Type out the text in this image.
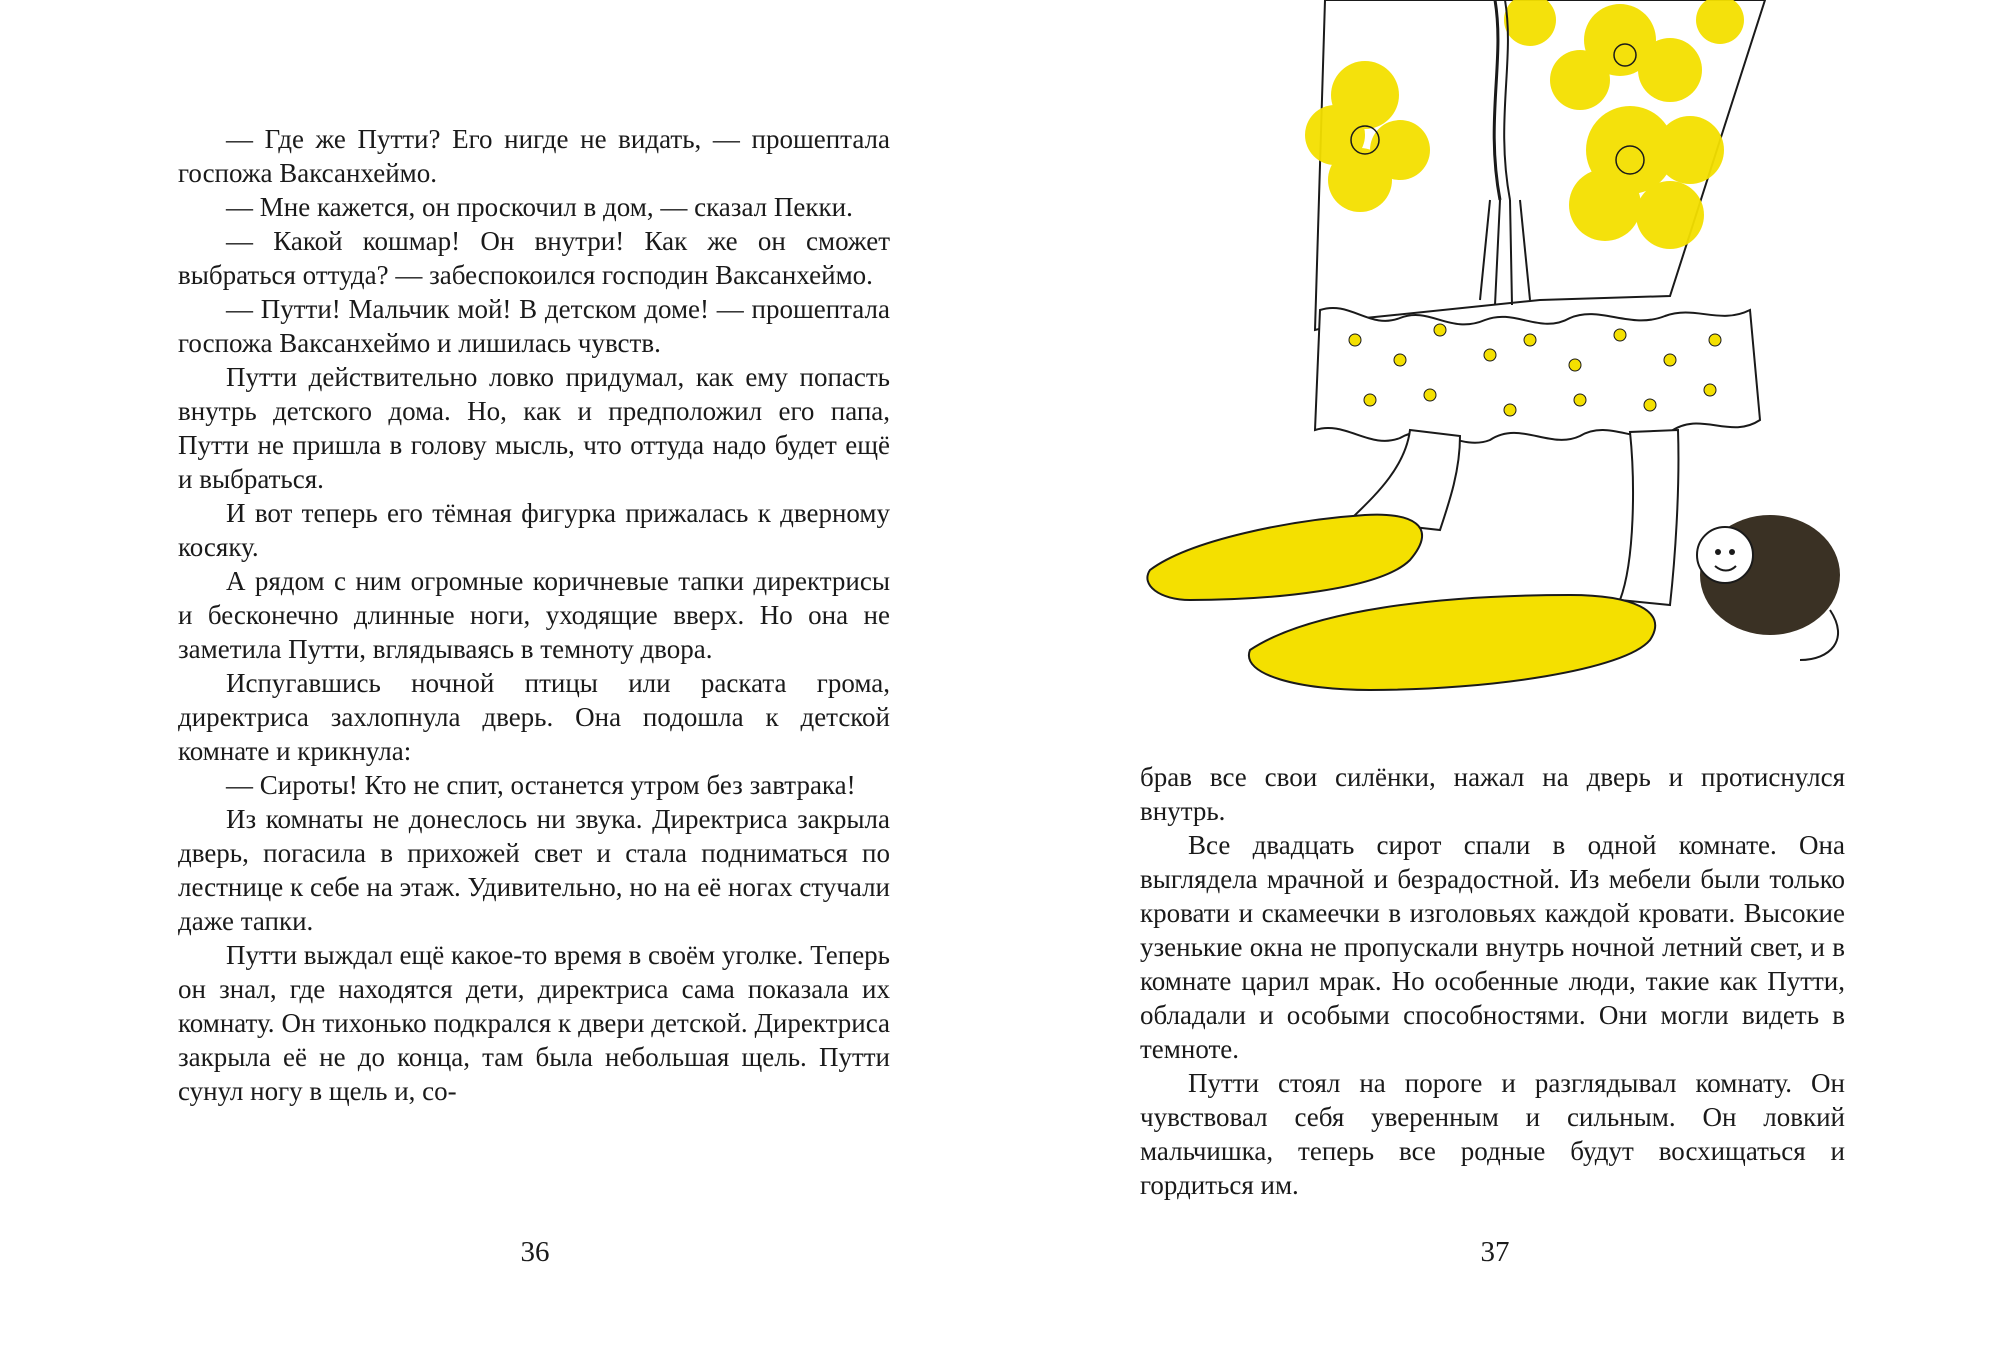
— Где же Путти? Его нигде не видать, — прошептала госпожа Ваксанхеймо.

— Мне кажется, он проскочил в дом, — сказал Пекки.

— Какой кошмар! Он внутри! Как же он сможет выбраться оттуда? — забеспокоился господин Ваксанхеймо.

— Путти! Мальчик мой! В детском доме! — прошептала госпожа Ваксанхеймо и лишилась чувств.

Путти действительно ловко придумал, как ему попасть внутрь детского дома. Но, как и предположил его папа, Путти не пришла в голову мысль, что оттуда надо будет ещё и выбраться.

И вот теперь его тёмная фигурка прижалась к дверному косяку.

А рядом с ним огромные коричневые тапки директрисы и бесконечно длинные ноги, уходящие вверх. Но она не заметила Путти, вглядываясь в темноту двора.

Испугавшись ночной птицы или раската грома, директриса захлопнула дверь. Она подошла к детской комнате и крикнула:

— Сироты! Кто не спит, останется утром без завтрака!

Из комнаты не донеслось ни звука. Директриса закрыла дверь, погасила в прихожей свет и стала подниматься по лестнице к себе на этаж. Удивительно, но на её ногах стучали даже тапки.

Путти выждал ещё какое-то время в своём уголке. Теперь он знал, где находятся дети, директриса сама показала их комнату. Он тихонько подкрался к двери детской. Директриса закрыла её не до конца, там была небольшая щель. Путти сунул ногу в щель и, со-

36

брав все свои силёнки, нажал на дверь и протиснулся внутрь.

Все двадцать сирот спали в одной комнате. Она выглядела мрачной и безрадостной. Из мебели были только кровати и скамеечки в изголовьях каждой кровати. Высокие узенькие окна не пропускали внутрь ночной летний свет, и в комнате царил мрак. Но особенные люди, такие как Путти, обладали и особыми способностями. Они могли видеть в темноте.

Путти стоял на пороге и разглядывал комнату. Он чувствовал себя уверенным и сильным. Он ловкий мальчишка, теперь все родные будут восхищаться и гордиться им.

37
